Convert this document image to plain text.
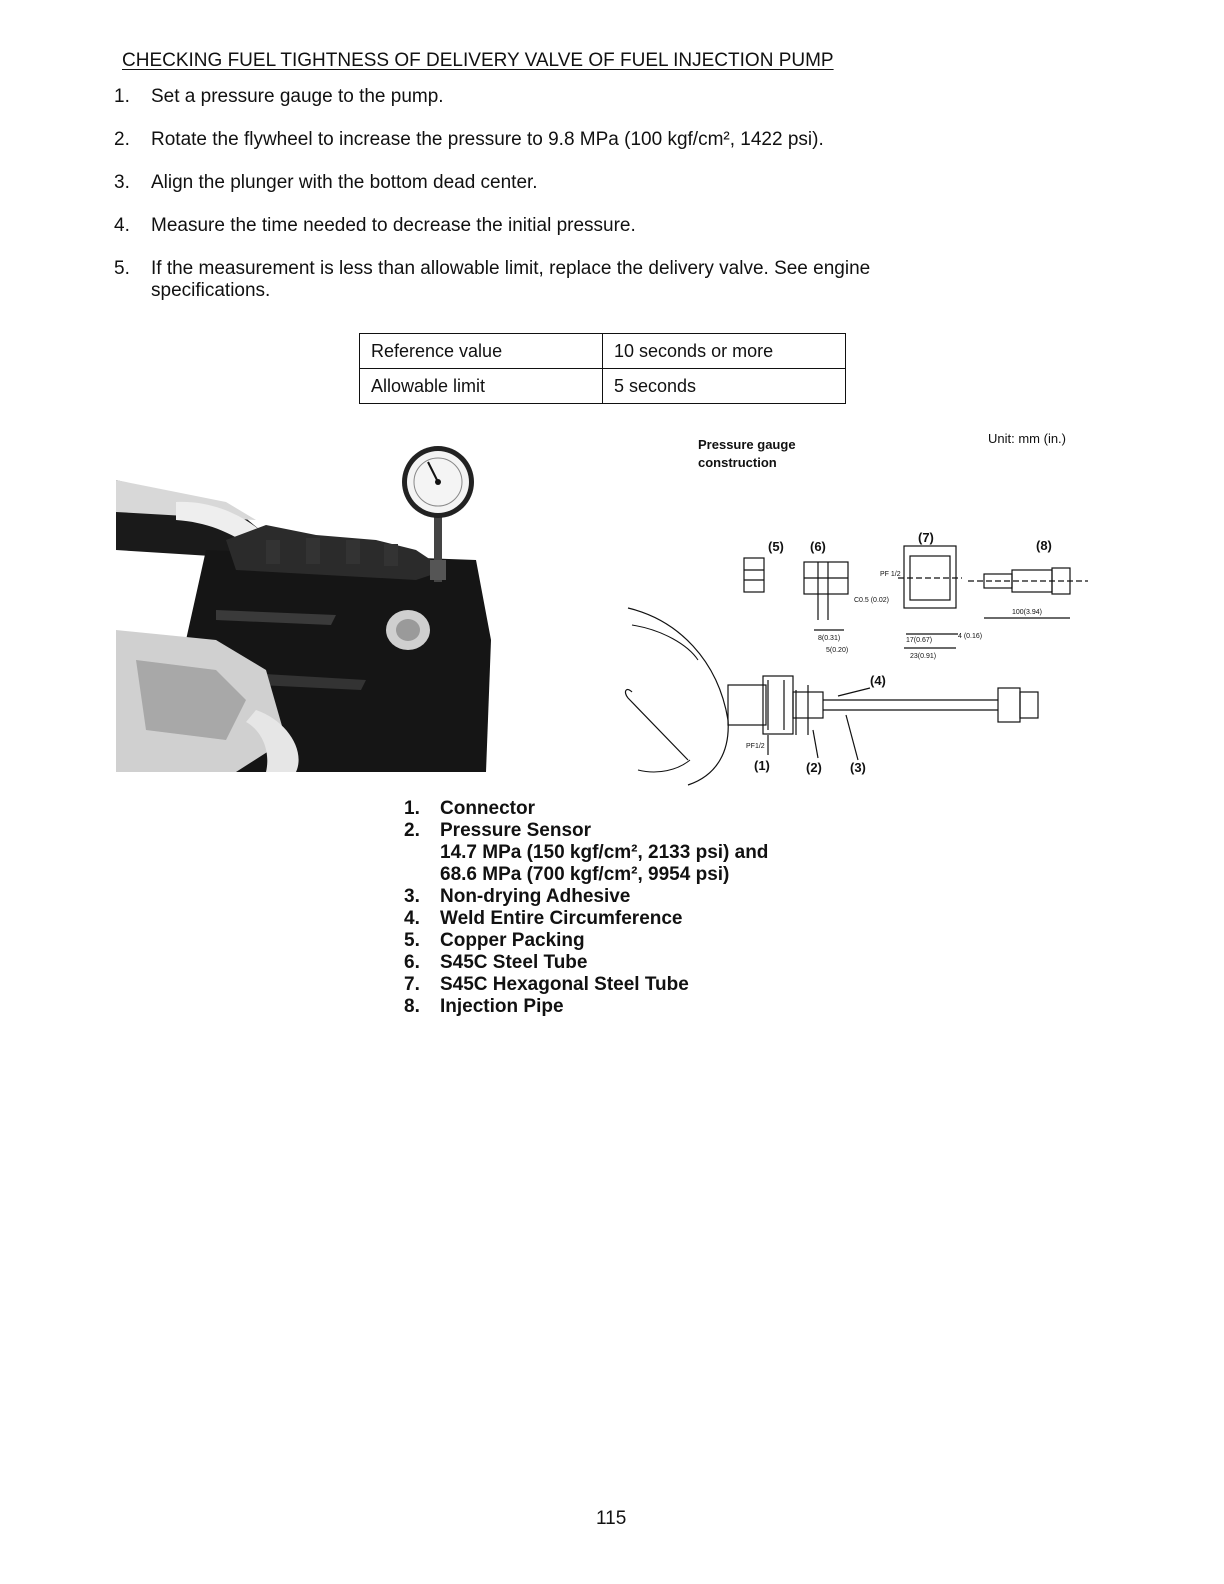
CHECKING FUEL TIGHTNESS OF DELIVERY VALVE OF FUEL INJECTION PUMP
1.	Set a pressure gauge to the pump.
2.	Rotate the flywheel to increase the pressure to 9.8 MPa (100 kgf/cm², 1422 psi).
3.	Align the plunger with the bottom dead center.
4.	Measure the time needed to decrease the initial pressure.
5.	If the measurement is less than allowable limit, replace the delivery valve. See engine specifications.
Reference value	10 seconds or more
Allowable limit	5 seconds
Pressure gauge construction
Unit: mm (in.)
(1)	(2) (3)
(4)
(5) (6)
(7)
(8)
C0.5 (0.02)
8(0.31)
5(0.20)
17(0.67)
23(0.91)
4 (0.16)
100(3.94)
PF1/2
PF 1/2
1.	Connector
2.	Pressure Sensor
14.7 MPa (150 kgf/cm², 2133 psi) and
68.6 MPa (700 kgf/cm², 9954 psi)
3.	Non-drying Adhesive
4.	Weld Entire Circumference
5.	Copper Packing
6.	S45C Steel Tube
7.	S45C Hexagonal Steel Tube
8.	Injection Pipe
115
